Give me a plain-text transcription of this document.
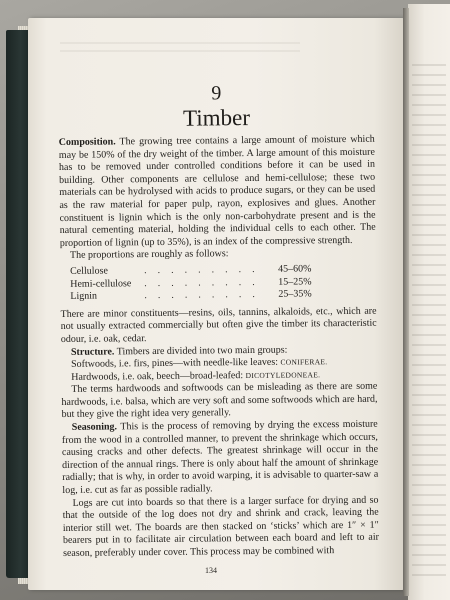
9
Timber

Composition. The growing tree contains a large amount of moisture which may be 150% of the dry weight of the timber. A large amount of this moisture has to be removed under controlled conditions before it can be used in building. Other components are cellulose and hemi-cellulose; these two materials can be hydrolysed with acids to produce sugars, or they can be used as the raw material for paper pulp, rayon, explosives and glues. Another constituent is lignin which is the only non-carbohydrate present and is the natural cementing material, holding the individual cells to each other. The proportion of lignin (up to 35%), is an index of the compressive strength.

The proportions are roughly as follows:

Cellulose	.........	45–60%
Hemi-cellulose	.........	15–25%
Lignin	.........	25–35%

There are minor constituents—resins, oils, tannins, alkaloids, etc., which are not usually extracted commercially but often give the timber its characteristic odour, i.e. oak, cedar.

Structure. Timbers are divided into two main groups:

Softwoods, i.e. firs, pines—with needle-like leaves: CONIFERAE.
Hardwoods, i.e. oak, beech—broad-leafed: DICOTYLEDONEAE.

The terms hardwoods and softwoods can be misleading as there are some hardwoods, i.e. balsa, which are very soft and some softwoods which are hard, but they give the right idea very generally.

Seasoning. This is the process of removing by drying the excess moisture from the wood in a controlled manner, to prevent the shrinkage which occurs, causing cracks and other defects. The greatest shrinkage will occur in the direction of the annual rings. There is only about half the amount of shrinkage radially; that is why, in order to avoid warping, it is advisable to quarter-saw a log, i.e. cut as far as possible radially.

Logs are cut into boards so that there is a larger surface for drying and so that the outside of the log does not dry and shrink and crack, leaving the interior still wet. The boards are then stacked on ‘sticks’ which are 1″ × 1″ bearers put in to facilitate air circulation between each board and left to air season, preferably under cover. This process may be combined with

134
